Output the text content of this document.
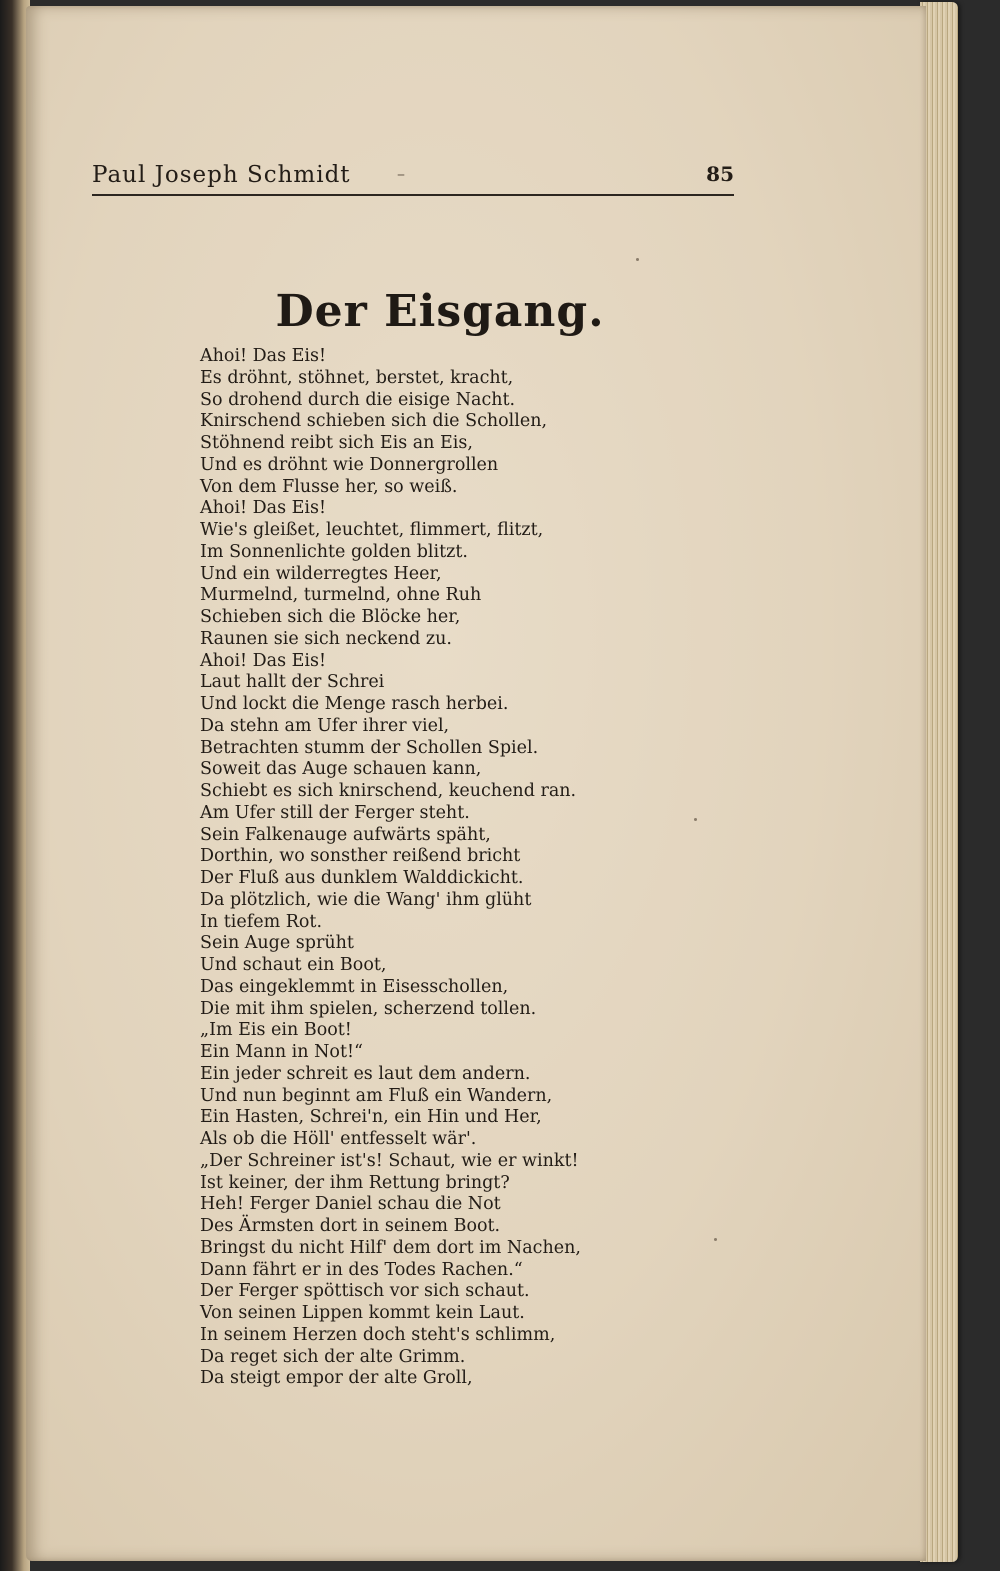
Paul Joseph Schmidt	–	85
Der Eisgang.
Ahoi! Das Eis!
Es dröhnt, stöhnet, berstet, kracht,
So drohend durch die eisige Nacht.
Knirschend schieben sich die Schollen,
Stöhnend reibt sich Eis an Eis,
Und es dröhnt wie Donnergrollen
Von dem Flusse her, so weiß.
Ahoi! Das Eis!
Wie's gleißet, leuchtet, flimmert, flitzt,
Im Sonnenlichte golden blitzt.
Und ein wilderregtes Heer,
Murmelnd, turmelnd, ohne Ruh
Schieben sich die Blöcke her,
Raunen sie sich neckend zu.
Ahoi! Das Eis!
Laut hallt der Schrei
Und lockt die Menge rasch herbei.
Da stehn am Ufer ihrer viel,
Betrachten stumm der Schollen Spiel.
Soweit das Auge schauen kann,
Schiebt es sich knirschend, keuchend ran.
Am Ufer still der Ferger steht.
Sein Falkenauge aufwärts späht,
Dorthin, wo sonsther reißend bricht
Der Fluß aus dunklem Walddickicht.
Da plötzlich, wie die Wang' ihm glüht
In tiefem Rot.
Sein Auge sprüht
Und schaut ein Boot,
Das eingeklemmt in Eisesschollen,
Die mit ihm spielen, scherzend tollen.
„Im Eis ein Boot!
Ein Mann in Not!“
Ein jeder schreit es laut dem andern.
Und nun beginnt am Fluß ein Wandern,
Ein Hasten, Schrei'n, ein Hin und Her,
Als ob die Höll' entfesselt wär'.
„Der Schreiner ist's! Schaut, wie er winkt!
Ist keiner, der ihm Rettung bringt?
Heh! Ferger Daniel schau die Not
Des Ärmsten dort in seinem Boot.
Bringst du nicht Hilf' dem dort im Nachen,
Dann fährt er in des Todes Rachen.“
Der Ferger spöttisch vor sich schaut.
Von seinen Lippen kommt kein Laut.
In seinem Herzen doch steht's schlimm,
Da reget sich der alte Grimm.
Da steigt empor der alte Groll,
